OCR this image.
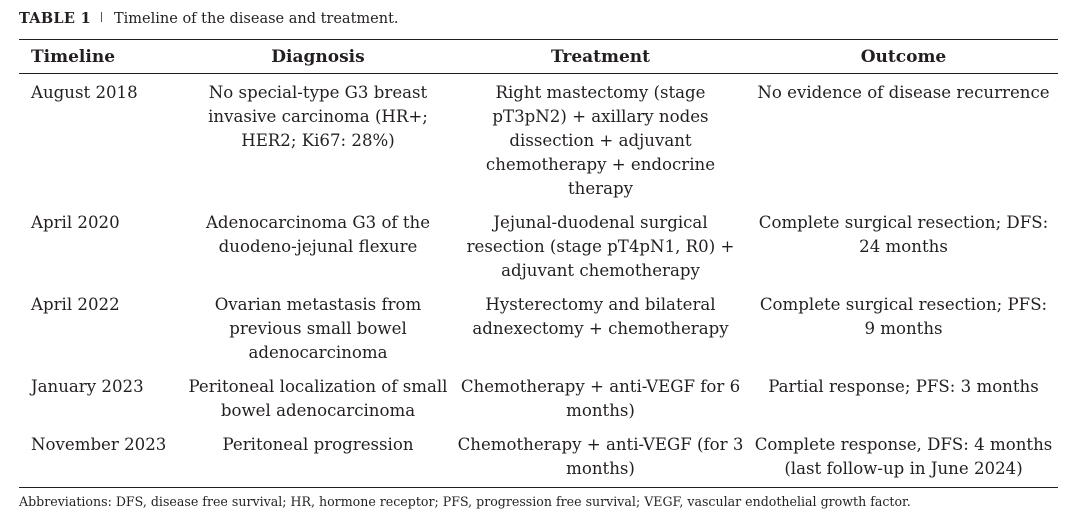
TABLE 1 Timeline of the disease and treatment.
Timeline	Diagnosis	Treatment	Outcome
August 2018	No special-type G3 breast invasive carcinoma (HR+; HER2; Ki67: 28%)	Right mastectomy (stage pT3pN2) + axillary nodes dissection + adjuvant chemotherapy + endocrine therapy	No evidence of disease recurrence
April 2020	Adenocarcinoma G3 of the duodeno-jejunal flexure	Jejunal-duodenal surgical resection (stage pT4pN1, R0) + adjuvant chemotherapy	Complete surgical resection; DFS: 24 months
April 2022	Ovarian metastasis from previous small bowel adenocarcinoma	Hysterectomy and bilateral adnexectomy + chemotherapy	Complete surgical resection; PFS: 9 months
January 2023	Peritoneal localization of small bowel adenocarcinoma	Chemotherapy + anti-VEGF for 6 months)	Partial response; PFS: 3 months
November 2023	Peritoneal progression	Chemotherapy + anti-VEGF (for 3 months)	Complete response, DFS: 4 months (last follow-up in June 2024)
Abbreviations: DFS, disease free survival; HR, hormone receptor; PFS, progression free survival; VEGF, vascular endothelial growth factor.
